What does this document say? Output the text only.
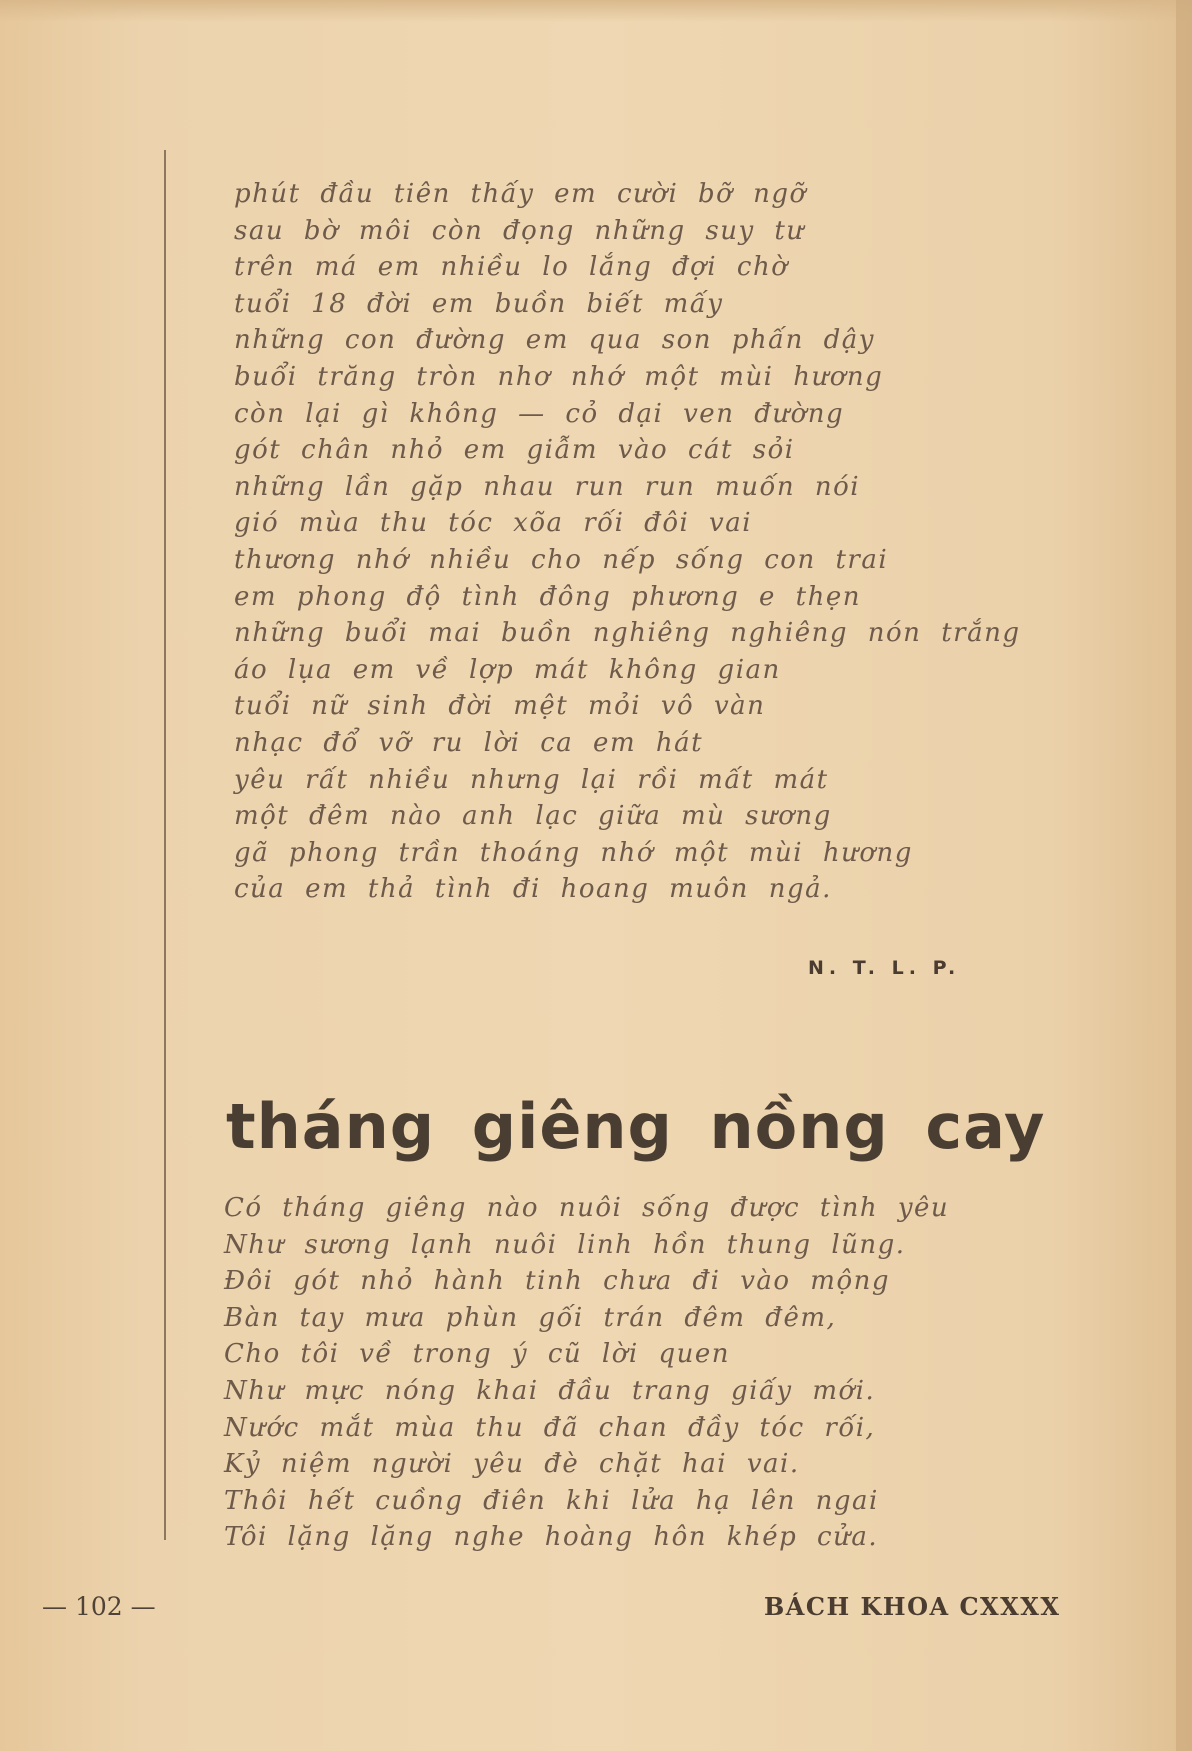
phút đầu tiên thấy em cười bỡ ngỡ
sau bờ môi còn đọng những suy tư
trên má em nhiều lo lắng đợi chờ
tuổi 18 đời em buồn biết mấy
những con đường em qua son phấn dậy
buổi trăng tròn nhơ nhớ một mùi hương
còn lại gì không — cỏ dại ven đường
gót chân nhỏ em giẫm vào cát sỏi
những lần gặp nhau run run muốn nói
gió mùa thu tóc xõa rối đôi vai
thương nhớ nhiều cho nếp sống con trai
em phong độ tình đông phương e thẹn
những buổi mai buồn nghiêng nghiêng nón trắng
áo lụa em về lợp mát không gian
tuổi nữ sinh đời mệt mỏi vô vàn
nhạc đổ vỡ ru lời ca em hát
yêu rất nhiều nhưng lại rồi mất mát
một đêm nào anh lạc giữa mù sương
gã phong trần thoáng nhớ một mùi hương
của em thả tình đi hoang muôn ngả.
N. T. L. P.
tháng giêng nồng cay
Có tháng giêng nào nuôi sống được tình yêu
Như sương lạnh nuôi linh hồn thung lũng.
Đôi gót nhỏ hành tinh chưa đi vào mộng
Bàn tay mưa phùn gối trán đêm đêm,
Cho tôi về trong ý cũ lời quen
Như mực nóng khai đầu trang giấy mới.
Nước mắt mùa thu đã chan đầy tóc rối,
Kỷ niệm người yêu đè chặt hai vai.
Thôi hết cuồng điên khi lửa hạ lên ngai
Tôi lặng lặng nghe hoàng hôn khép cửa.
— 102 —	BÁCH KHOA CXXXX
